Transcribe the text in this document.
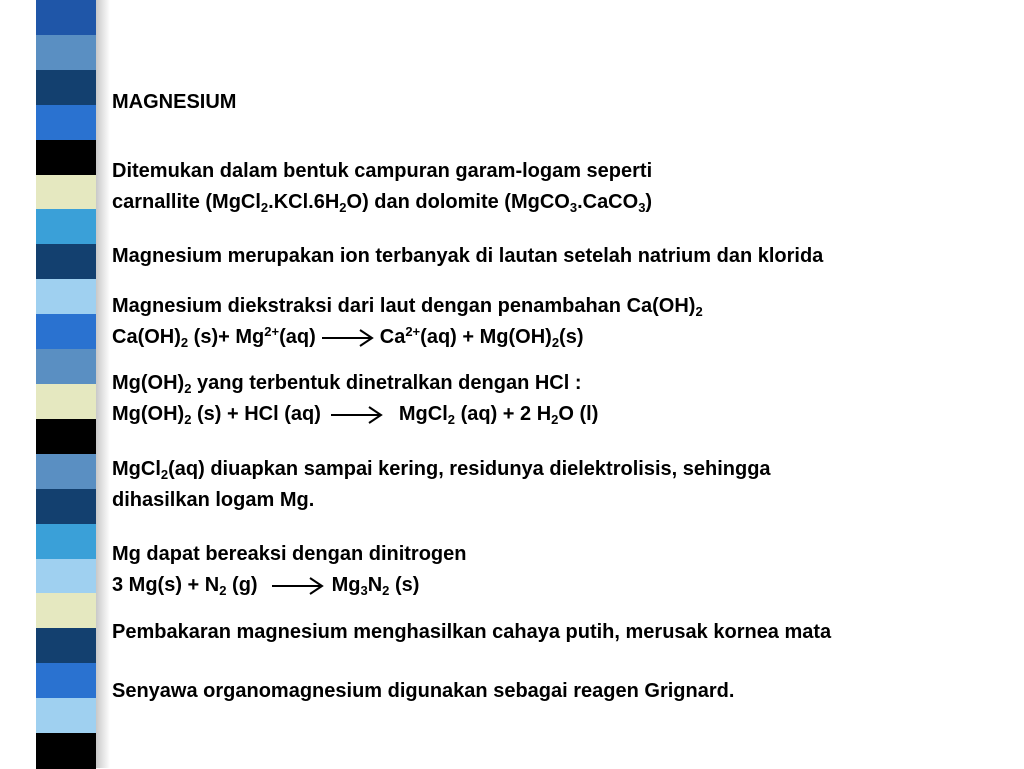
MAGNESIUM
Ditemukan dalam bentuk campuran garam-logam seperti
carnallite $(MgCl_2.KCl.6H_2O)$ dan dolomite (MgCO$_3$.CaCO$_3$)
Magnesium merupakan ion terbanyak di lautan setelah natrium dan klorida
Magnesium diekstraksi dari laut dengan penambahan $Ca(OH)_2$
$Ca(OH)_2$ $(s)+ Mg^{2+}(aq) \to Ca^{2+}(aq) + Mg(OH)_2(s)$
$Mg(OH)_2$ yang terbentuk dinetralkan dengan HCl :
$Mg(OH)_2$ (s) + HCl (aq) → MgCl$_2$ (aq) + 2 $H_2O$ (l)
MgCl$_2$(aq) diuapkan sampai kering, residunya dielektrolisis, sehingga
dihasilkan logam Mg.
Mg dapat bereaksi dengan dinitrogen
3 $Mg(s) + N_2$ $(g) \to Mg_3N_2$ (s)
Pembakaran magnesium menghasilkan cahaya putih, merusak kornea mata
Senyawa organomagnesium digunakan sebagai reagen Grignard.
